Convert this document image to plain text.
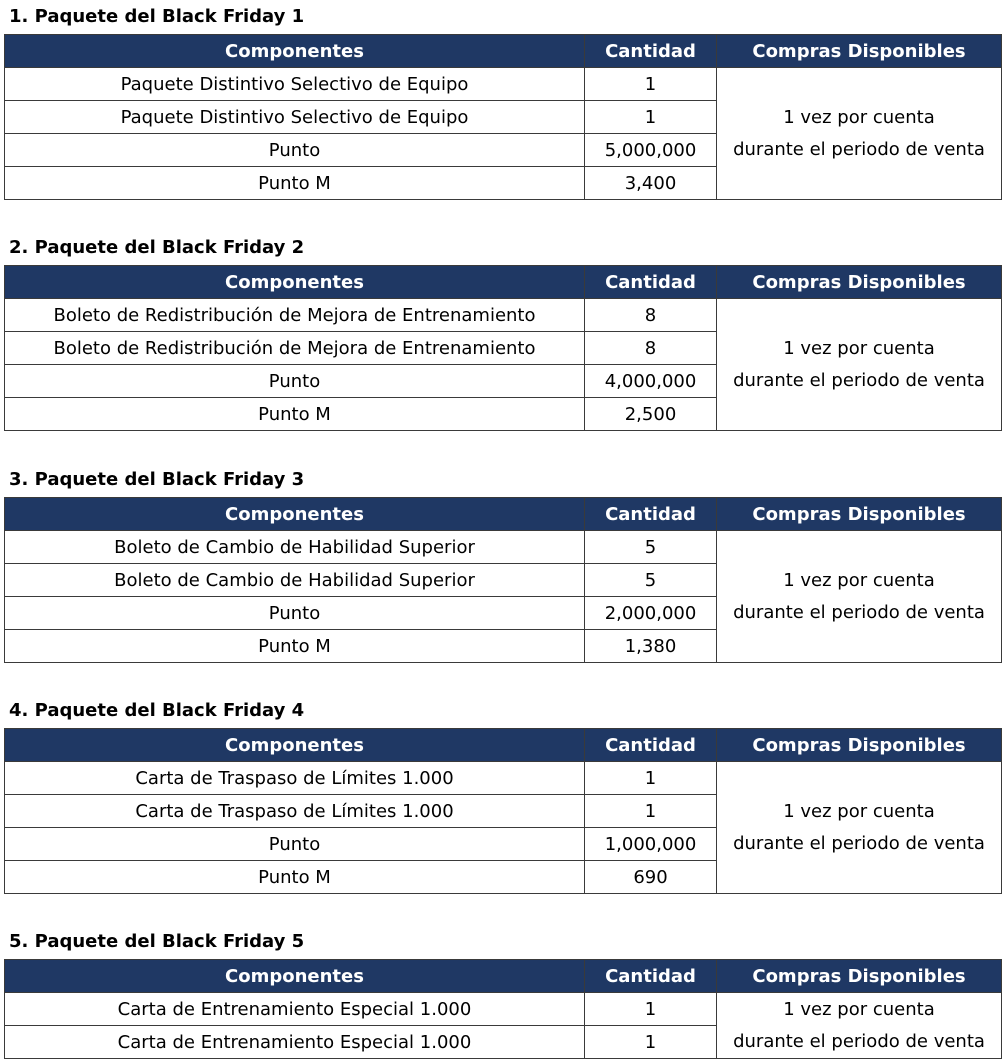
1. Paquete del Black Friday 1
Componentes	Cantidad	Compras Disponibles
Paquete Distintivo Selectivo de Equipo	1	1 vez por cuenta
durante el periodo de venta

Paquete Distintivo Selectivo de Equipo	1	
Punto	5,000,000	
Punto M	3,400	
2. Paquete del Black Friday 2
Componentes	Cantidad	Compras Disponibles
Boleto de Redistribución de Mejora de Entrenamiento	8	1 vez por cuenta
durante el periodo de venta

Boleto de Redistribución de Mejora de Entrenamiento	8	
Punto	4,000,000	
Punto M	2,500	
3. Paquete del Black Friday 3
Componentes	Cantidad	Compras Disponibles
Boleto de Cambio de Habilidad Superior	5	1 vez por cuenta
durante el periodo de venta

Boleto de Cambio de Habilidad Superior	5	
Punto	2,000,000	
Punto M	1,380	
4. Paquete del Black Friday 4
Componentes	Cantidad	Compras Disponibles
Carta de Traspaso de Límites 1.000	1	1 vez por cuenta
durante el periodo de venta

Carta de Traspaso de Límites 1.000	1	
Punto	1,000,000	
Punto M	690	
5. Paquete del Black Friday 5
Componentes	Cantidad	Compras Disponibles
Carta de Entrenamiento Especial 1.000	1	1 vez por cuenta
durante el periodo de venta

Carta de Entrenamiento Especial 1.000	1	
